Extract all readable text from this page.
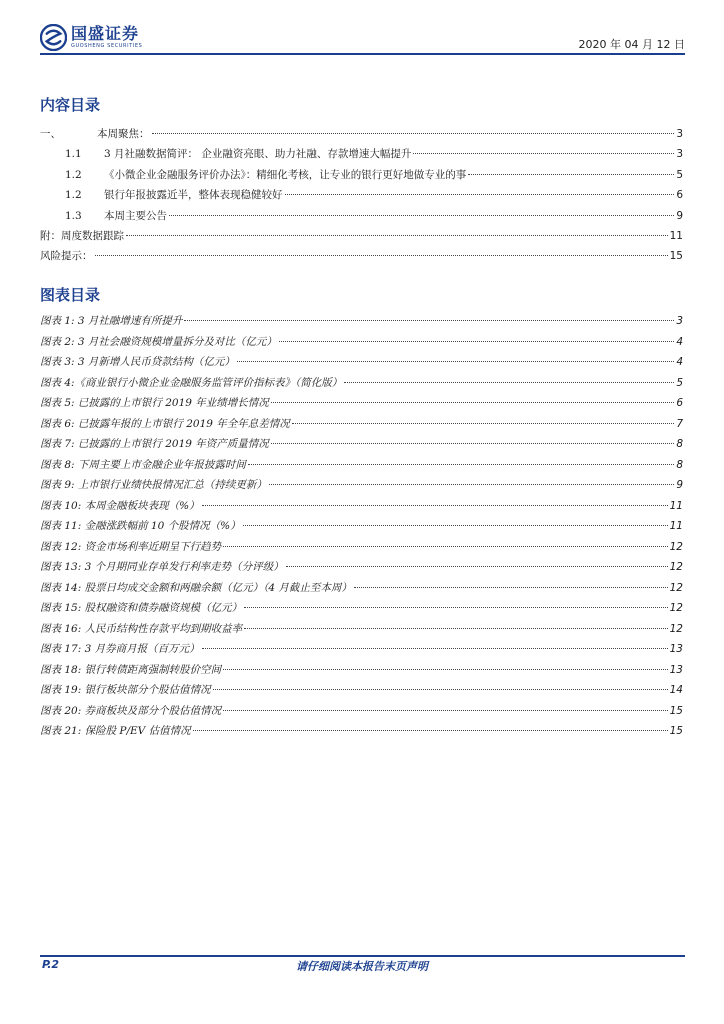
国盛证券
GUOSHENG SECURITIES	2020 年 04 月 12 日
内容目录
一、	本周聚焦：	3
1.1	3 月社融数据简评： 企业融资亮眼、助力社融、存款增速大幅提升	3
1.2	《小微企业金融服务评价办法》：精细化考核，让专业的银行更好地做专业的事	5
1.2	银行年报披露近半，整体表现稳健较好	6
1.3	本周主要公告	9
附：周度数据跟踪	11
风险提示：	15
图表目录
图表 1: 3 月社融增速有所提升	3
图表 2: 3 月社会融资规模增量拆分及对比（亿元）	4
图表 3: 3 月新增人民币贷款结构（亿元）	4
图表 4:《商业银行小微企业金融服务监管评价指标表》（简化版）	5
图表 5: 已披露的上市银行 2019 年业绩增长情况	6
图表 6: 已披露年报的上市银行 2019 年全年息差情况	7
图表 7: 已披露的上市银行 2019 年资产质量情况	8
图表 8: 下周主要上市金融企业年报披露时间	8
图表 9: 上市银行业绩快报情况汇总（持续更新）	9
图表 10: 本周金融板块表现（%）	11
图表 11: 金融涨跌幅前 10 个股情况（%）	11
图表 12: 资金市场利率近期呈下行趋势	12
图表 13: 3 个月期同业存单发行利率走势（分评级）	12
图表 14: 股票日均成交金额和两融余额（亿元）（4 月截止至本周）	12
图表 15: 股权融资和债券融资规模（亿元）	12
图表 16: 人民币结构性存款平均到期收益率	12
图表 17: 3 月券商月报（百万元）	13
图表 18: 银行转债距离强制转股价空间	13
图表 19: 银行板块部分个股估值情况	14
图表 20: 券商板块及部分个股估值情况	15
图表 21: 保险股 P/EV 估值情况	15
P.2	请仔细阅读本报告末页声明
